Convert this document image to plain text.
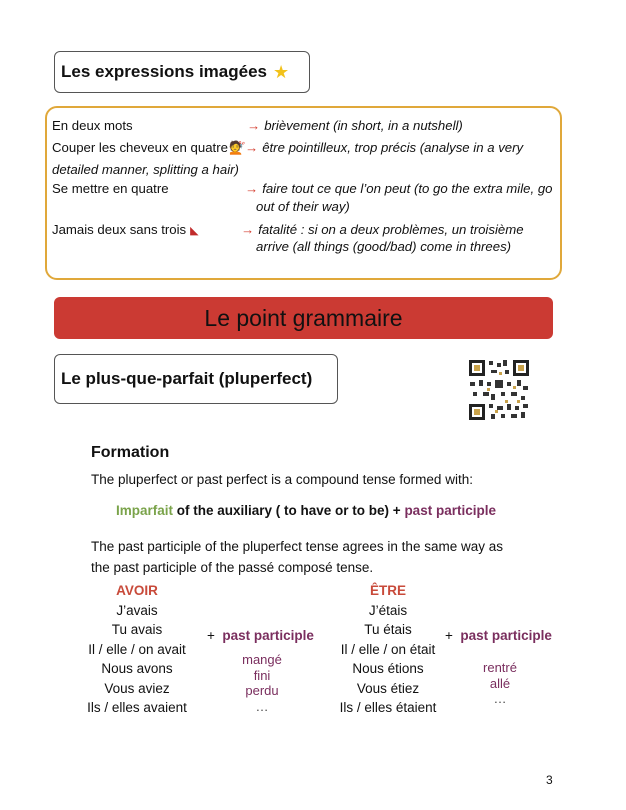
Les expressions imagées ★
En deux mots	→ brièvement (in short, in a nutshell)
Couper les cheveux en quatre💇 → être pointilleux, trop précis (analyse in a very
detailed manner, splitting a hair)
Se mettre en quatre	→ faire tout ce que l’on peut (to go the extra mile, go
out of their way)
Jamais deux sans trois ◣	→ fatalité : si on a deux problèmes, un troisième
arrive (all things (good/bad) come in threes)
Le point grammaire
Le plus-que-parfait (pluperfect)
Formation
The pluperfect or past perfect is a compound tense formed with:
Imparfait of the auxiliary ( to have or to be) + past participle
The past participle of the pluperfect tense agrees in the same way as
the past participle of the passé composé tense.
AVOIR
J’avais
Tu avais
Il / elle / on avait
Nous avons
Vous aviez
Ils / elles avaient
+ past participle
mangé
fini
perdu
…
ÊTRE
J’étais
Tu étais
Il / elle / on était
Nous étions
Vous étiez
Ils / elles étaient
+ past participle
rentré
allé
…
3
